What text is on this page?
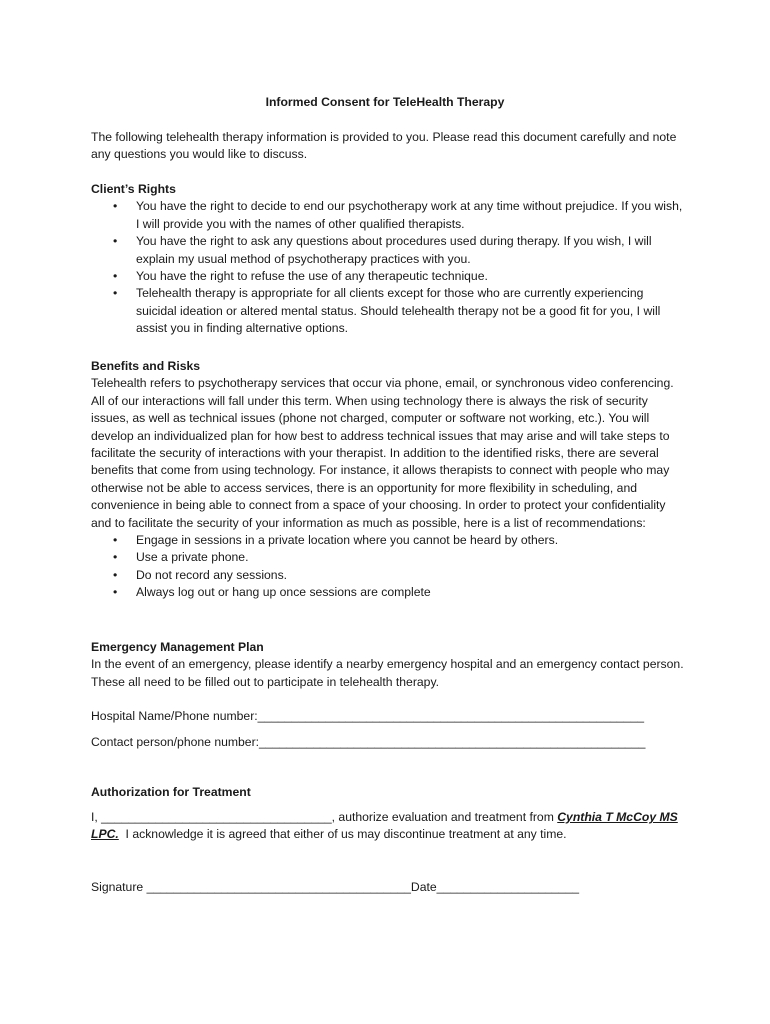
Informed Consent for TeleHealth Therapy

The following telehealth therapy information is provided to you. Please read this document carefully and note any questions you would like to discuss.

Client’s Rights

• You have the right to decide to end our psychotherapy work at any time without prejudice. If you wish, I will provide you with the names of other qualified therapists.
• You have the right to ask any questions about procedures used during therapy. If you wish, I will explain my usual method of psychotherapy practices with you.
• You have the right to refuse the use of any therapeutic technique.
• Telehealth therapy is appropriate for all clients except for those who are currently experiencing suicidal ideation or altered mental status. Should telehealth therapy not be a good fit for you, I will assist you in finding alternative options.

Benefits and Risks

Telehealth refers to psychotherapy services that occur via phone, email, or synchronous video conferencing. All of our interactions will fall under this term. When using technology there is always the risk of security issues, as well as technical issues (phone not charged, computer or software not working, etc.). You will develop an individualized plan for how best to address technical issues that may arise and will take steps to facilitate the security of interactions with your therapist. In addition to the identified risks, there are several benefits that come from using technology. For instance, it allows therapists to connect with people who may otherwise not be able to access services, there is an opportunity for more flexibility in scheduling, and convenience in being able to connect from a space of your choosing. In order to protect your confidentiality and to facilitate the security of your information as much as possible, here is a list of recommendations:

• Engage in sessions in a private location where you cannot be heard by others.
• Use a private phone.
• Do not record any sessions.
• Always log out or hang up once sessions are complete

Emergency Management Plan

In the event of an emergency, please identify a nearby emergency hospital and an emergency contact person. These all need to be filled out to participate in telehealth therapy.

Hospital Name/Phone number:_________________________________________________________
Contact person/phone number:_________________________________________________________

Authorization for Treatment

I, __________________________________, authorize evaluation and treatment from Cynthia T McCoy MS LPC. I acknowledge it is agreed that either of us may discontinue treatment at any time.

Signature _______________________________________Date_____________________
